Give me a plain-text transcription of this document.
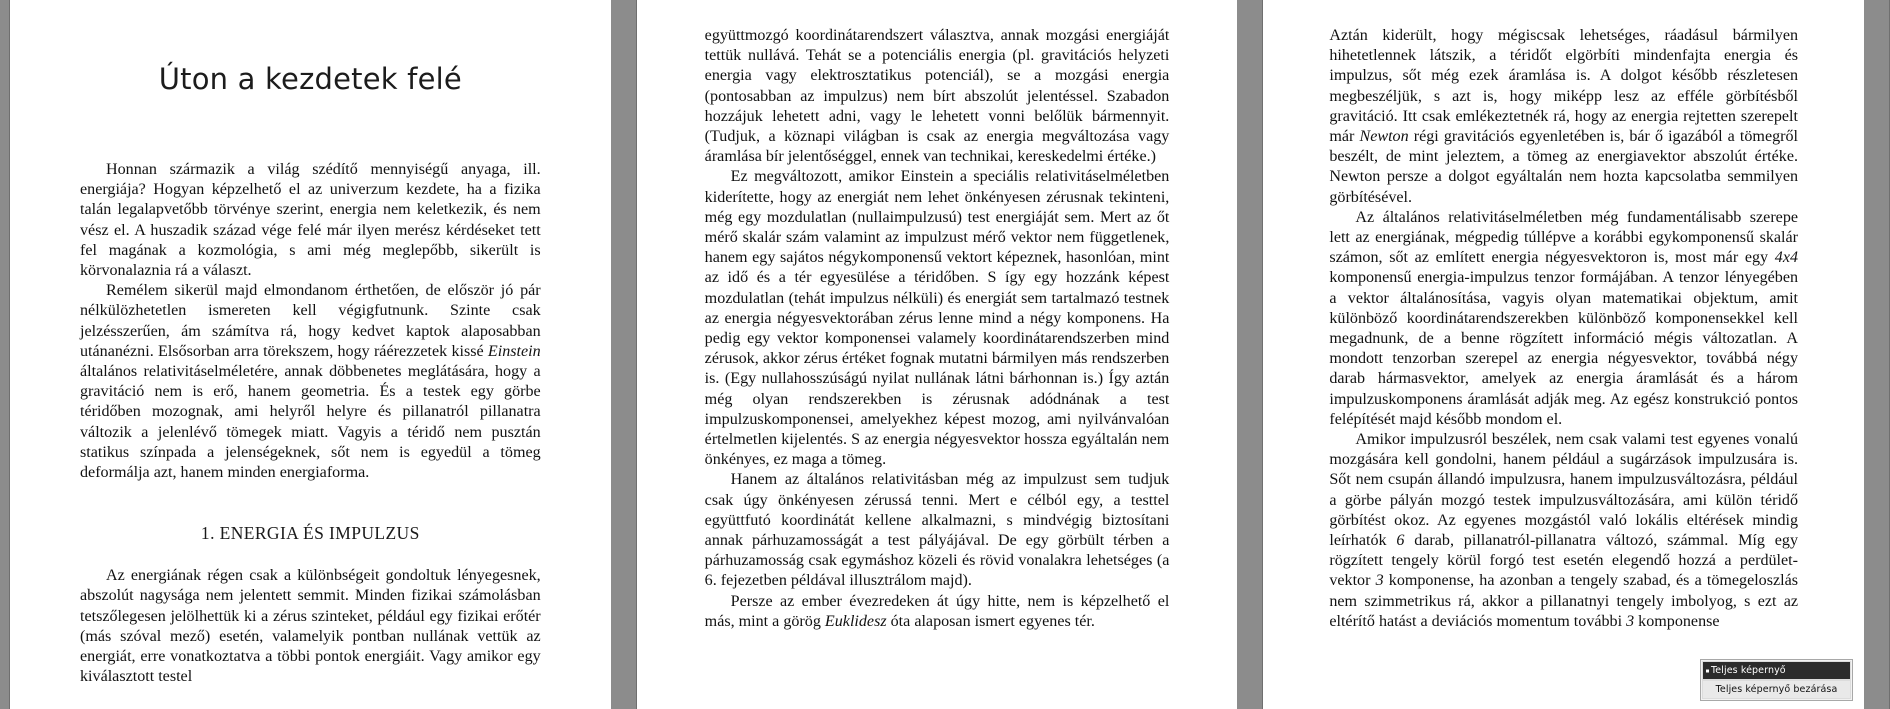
Úton a kezdetek felé

Honnan származik a világ szédítő mennyiségű anyaga, ill. energiája? Hogyan képzelhető el az univerzum kezdete, ha a fizika talán legalapvetőbb törvénye szerint, energia nem keletkezik, és nem vész el. A huszadik század vége felé már ilyen merész kérdéseket tett fel magának a kozmológia, s ami még meglepőbb, sikerült is körvonalaznia rá a választ.

Remélem sikerül majd elmondanom érthetően, de először jó pár nélkülözhetetlen ismereten kell végigfutnunk. Szinte csak jelzésszerűen, ám számítva rá, hogy kedvet kaptok alaposabban utánanézni. Elsősorban arra törekszem, hogy ráérezzetek kissé Einstein általános relativitáselméletére, annak döbbenetes meglátására, hogy a gravitáció nem is erő, hanem geometria. És a testek egy görbe téridőben mozognak, ami helyről helyre és pillanatról pillanatra változik a jelenlévő tömegek miatt. Vagyis a téridő nem pusztán statikus színpada a jelenségeknek, sőt nem is egyedül a tömeg deformálja azt, hanem minden energiaforma.

1. ENERGIA ÉS IMPULZUS

Az energiának régen csak a különbségeit gondoltuk lényegesnek, abszolút nagysága nem jelentett semmit. Minden fizikai számolásban tetszőlegesen jelölhettük ki a zérus szinteket, például egy fizikai erőtér (más szóval mező) esetén, valamelyik pontban nullának vettük az energiát, erre vonatkoztatva a többi pontok energiáit. Vagy amikor egy kiválasztott testel

együttmozgó koordinátarendszert választva, annak mozgási energiáját tettük nullává. Tehát se a potenciális energia (pl. gravitációs helyzeti energia vagy elektrosztatikus potenciál), se a mozgási energia (pontosabban az impulzus) nem bírt abszolút jelentéssel. Szabadon hozzájuk lehetett adni, vagy le lehetett vonni belőlük bármennyit. (Tudjuk, a köznapi világban is csak az energia megváltozása vagy áramlása bír jelentőséggel, ennek van technikai, kereskedelmi értéke.)

Ez megváltozott, amikor Einstein a speciális relativitáselméletben kiderítette, hogy az energiát nem lehet önkényesen zérusnak tekinteni, még egy mozdulatlan (nullaimpulzusú) test energiáját sem. Mert az őt mérő skalár szám valamint az impulzust mérő vektor nem függetlenek, hanem egy sajátos négykomponensű vektort képeznek, hasonlóan, mint az idő és a tér egyesülése a téridőben. S így egy hozzánk képest mozdulatlan (tehát impulzus nélküli) és energiát sem tartalmazó testnek az energia négyesvektorában zérus lenne mind a négy komponens. Ha pedig egy vektor komponensei valamely koordinátarendszerben mind zérusok, akkor zérus értéket fognak mutatni bármilyen más rendszerben is. (Egy nullahosszúságú nyilat nullának látni bárhonnan is.) Így aztán még olyan rendszerekben is zérusnak adódnának a test impulzuskomponensei, amelyekhez képest mozog, ami nyilvánvalóan értelmetlen kijelentés. S az energia négyesvektor hossza egyáltalán nem önkényes, ez maga a tömeg.

Hanem az általános relativitásban még az impulzust sem tudjuk csak úgy önkényesen zérussá tenni. Mert e célból egy, a testtel együttfutó koordinátát kellene alkalmazni, s mindvégig biztosítani annak párhuzamosságát a test pályájával. De egy görbült térben a párhuzamosság csak egymáshoz közeli és rövid vonalakra lehetséges (a 6. fejezetben példával illusztrálom majd).

Persze az ember évezredeken át úgy hitte, nem is képzelhető el más, mint a görög Euklidesz óta alaposan ismert egyenes tér.

Aztán kiderült, hogy mégiscsak lehetséges, ráadásul bármilyen hihetetlennek látszik, a téridőt elgörbíti mindenfajta energia és impulzus, sőt még ezek áramlása is. A dolgot később részletesen megbeszéljük, s azt is, hogy miképp lesz az efféle görbítésből gravitáció. Itt csak emlékeztetnék rá, hogy az energia rejtetten szerepelt már Newton régi gravitációs egyenletében is, bár ő igazából a tömegről beszélt, de mint jeleztem, a tömeg az energiavektor abszolút értéke. Newton persze a dolgot egyáltalán nem hozta kapcsolatba semmilyen görbítésével.

Az általános relativitáselméletben még fundamentálisabb szerepe lett az energiának, mégpedig túllépve a korábbi egykomponensű skalár számon, sőt az említett energia négyesvektoron is, most már egy 4x4 komponensű energia-impulzus tenzor formájában. A tenzor lényegében a vektor általánosítása, vagyis olyan matematikai objektum, amit különböző koordinátarendszerekben különböző komponensekkel kell megadnunk, de a benne rögzített információ mégis változatlan. A mondott tenzorban szerepel az energia négyesvektor, továbbá négy darab hármasvektor, amelyek az energia áramlását és a három impulzuskomponens áramlását adják meg. Az egész konstrukció pontos felépítését majd később mondom el.

Amikor impulzusról beszélek, nem csak valami test egyenes vonalú mozgására kell gondolni, hanem például a sugárzások impulzusára is. Sőt nem csupán állandó impulzusra, hanem impulzusváltozásra, például a görbe pályán mozgó testek impulzusváltozására, ami külön téridő görbítést okoz. Az egyenes mozgástól való lokális eltérések mindig leírhatók 6 darab, pillanatról-pillanatra változó, számmal. Míg egy rögzített tengely körül forgó test esetén elegendő hozzá a perdület-vektor 3 komponense, ha azonban a tengely szabad, és a tömegeloszlás nem szimmetrikus rá, akkor a pillanatnyi tengely imbolyog, s ezt az eltérítő hatást a deviációs momentum további 3 komponense

Teljes képernyő
Teljes képernyő bezárása
